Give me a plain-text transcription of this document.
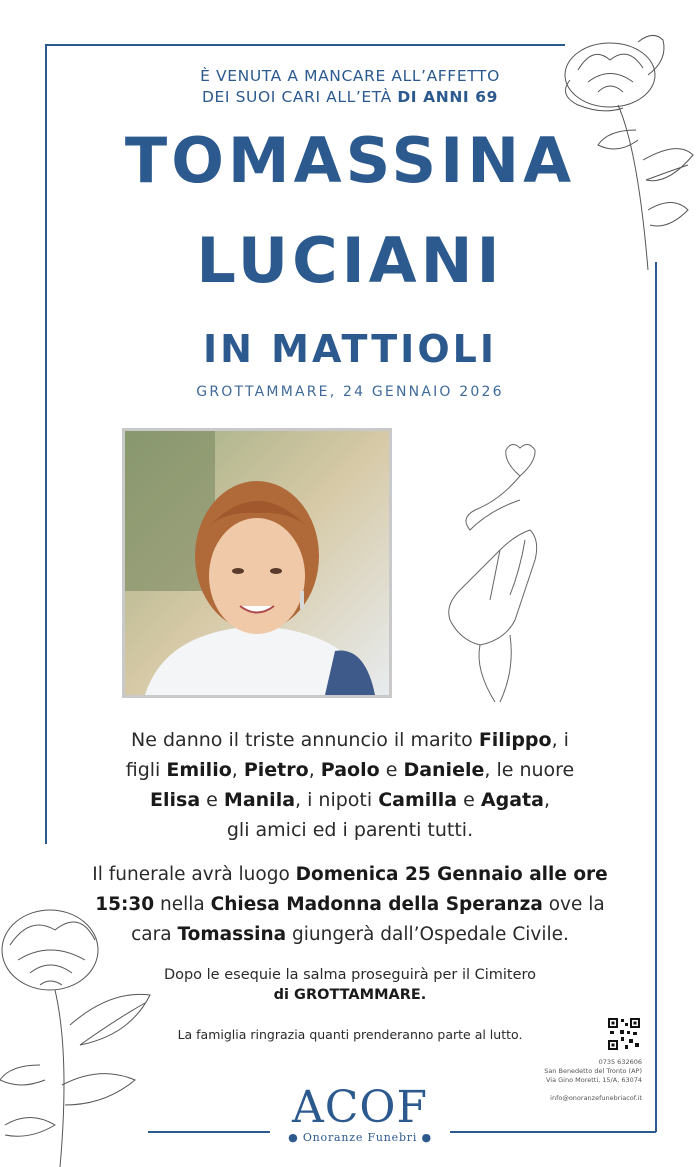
È VENUTA A MANCARE ALL’AFFETTO
DEI SUOI CARI ALL’ETÀ DI ANNI 69
TOMASSINA
LUCIANI
IN MATTIOLI
GROTTAMMARE, 24 GENNAIO 2026
Ne danno il triste annuncio il marito Filippo, i
figli Emilio, Pietro, Paolo e Daniele, le nuore
Elisa e Manila, i nipoti Camilla e Agata,
gli amici ed i parenti tutti.
Il funerale avrà luogo Domenica 25 Gennaio alle ore
15:30 nella Chiesa Madonna della Speranza ove la
cara Tomassina giungerà dall’Ospedale Civile.
Dopo le esequie la salma proseguirà per il Cimitero
di GROTTAMMARE.
La famiglia ringrazia quanti prenderanno parte al lutto.
0735 632606
San Benedetto del Tronto (AP)
Via Gino Moretti, 15/A, 63074
info@onoranzefunebriacof.it
ACOF
● Onoranze Funebri ●
